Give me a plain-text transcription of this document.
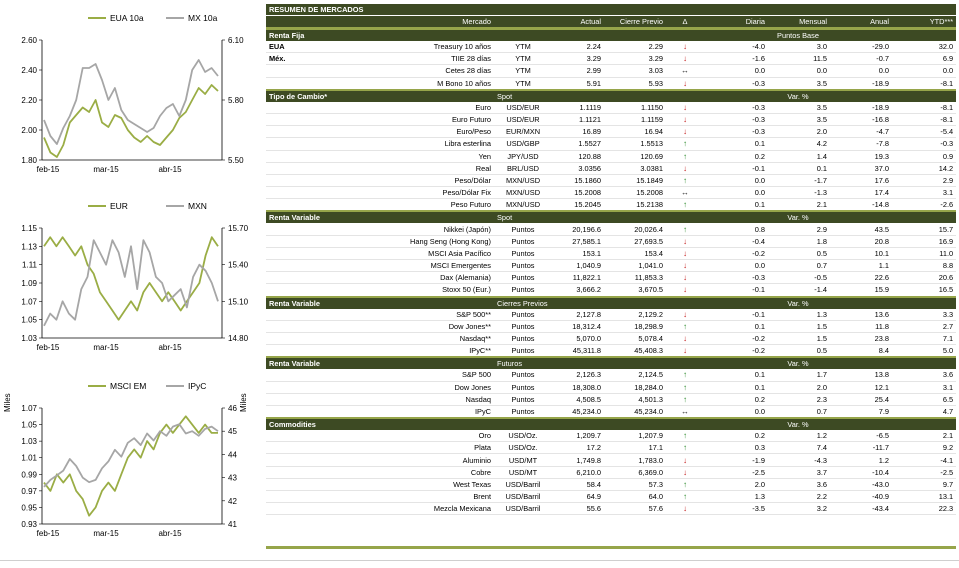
EUA 10a	MX 10a
2.60
2.40
2.20
2.00
1.80
6.10
5.80
5.50
feb-15	mar-15	abr-15
EUR	MXN
1.15
1.13
1.11
1.09
1.07
1.05
1.03
15.70
15.40
15.10
14.80
feb-15	mar-15	abr-15
MSCI EM	IPyC
Miles	Miles
1.07
1.05
1.03
1.01
0.99
0.97
0.95
0.93
46
45
44
43
42
41
feb-15	mar-15	abr-15
RESUMEN DE MERCADOS									
	Mercado		Actual	Cierre Previo	Δ	Diaria	Mensual	Anual	YTD***
Renta Fija						Puntos Base			
EUA	Treasury 10 años	YTM	2.24	2.29	↓	-4.0	3.0	-29.0	32.0
Méx.	TIIE 28 días	YTM	3.29	3.29	↓	-1.6	11.5	-0.7	6.9
	Cetes 28 días	YTM	2.99	3.03	↔	0.0	0.0	0.0	0.0
	M Bono 10 años	YTM	5.91	5.93	↓	-0.3	3.5	-18.9	-8.1
Tipo de Cambio*		Spot				Var. %			
	Euro	USD/EUR	1.1119	1.1150	↓	-0.3	3.5	-18.9	-8.1
	Euro Futuro	USD/EUR	1.1121	1.1159	↓	-0.3	3.5	-16.8	-8.1
	Euro/Peso	EUR/MXN	16.89	16.94	↓	-0.3	2.0	-4.7	-5.4
	Libra esterlina	USD/GBP	1.5527	1.5513	↑	0.1	4.2	-7.8	-0.3
	Yen	JPY/USD	120.88	120.69	↑	0.2	1.4	19.3	0.9
	Real	BRL/USD	3.0356	3.0381	↓	-0.1	0.1	37.0	14.2
	Peso/Dólar	MXN/USD	15.1860	15.1849	↑	0.0	-1.7	17.6	2.9
	Peso/Dólar Fix	MXN/USD	15.2008	15.2008	↔	0.0	-1.3	17.4	3.1
	Peso Futuro	MXN/USD	15.2045	15.2138	↑	0.1	2.1	-14.8	-2.6
Renta Variable		Spot				Var. %			
	Nikkei (Japón)	Puntos	20,196.6	20,026.4	↑	0.8	2.9	43.5	15.7
	Hang Seng (Hong Kong)	Puntos	27,585.1	27,693.5	↓	-0.4	1.8	20.8	16.9
	MSCI Asia Pacífico	Puntos	153.1	153.4	↓	-0.2	0.5	10.1	11.0
	MSCI Emergentes	Puntos	1,040.9	1,041.0	↓	0.0	0.7	1.1	8.8
	Dax (Alemania)	Puntos	11,822.1	11,853.3	↓	-0.3	-0.5	22.6	20.6
	Stoxx 50 (Eur.)	Puntos	3,666.2	3,670.5	↓	-0.1	-1.4	15.9	16.5
Renta Variable		Cierres Previos				Var. %			
	S&P 500**	Puntos	2,127.8	2,129.2	↓	-0.1	1.3	13.6	3.3
	Dow Jones**	Puntos	18,312.4	18,298.9	↑	0.1	1.5	11.8	2.7
	Nasdaq**	Puntos	5,070.0	5,078.4	↓	-0.2	1.5	23.8	7.1
	IPyC**	Puntos	45,311.8	45,408.3	↓	-0.2	0.5	8.4	5.0
Renta Variable		Futuros				Var. %			
	S&P 500	Puntos	2,126.3	2,124.5	↑	0.1	1.7	13.8	3.6
	Dow Jones	Puntos	18,308.0	18,284.0	↑	0.1	2.0	12.1	3.1
	Nasdaq	Puntos	4,508.5	4,501.3	↑	0.2	2.3	25.4	6.5
	IPyC	Puntos	45,234.0	45,234.0	↔	0.0	0.7	7.9	4.7
Commodities						Var. %			
	Oro	USD/Oz.	1,209.7	1,207.9	↑	0.2	1.2	-6.5	2.1
	Plata	USD/Oz.	17.2	17.1	↑	0.3	7.4	-11.7	9.2
	Aluminio	USD/MT	1,749.8	1,783.0	↓	-1.9	-4.3	1.2	-4.1
	Cobre	USD/MT	6,210.0	6,369.0	↓	-2.5	3.7	-10.4	-2.5
	West Texas	USD/Barril	58.4	57.3	↑	2.0	3.6	-43.0	9.7
	Brent	USD/Barril	64.9	64.0	↑	1.3	2.2	-40.9	13.1
	Mezcla Mexicana	USD/Barril	55.6	57.6	↓	-3.5	3.2	-43.4	22.3
